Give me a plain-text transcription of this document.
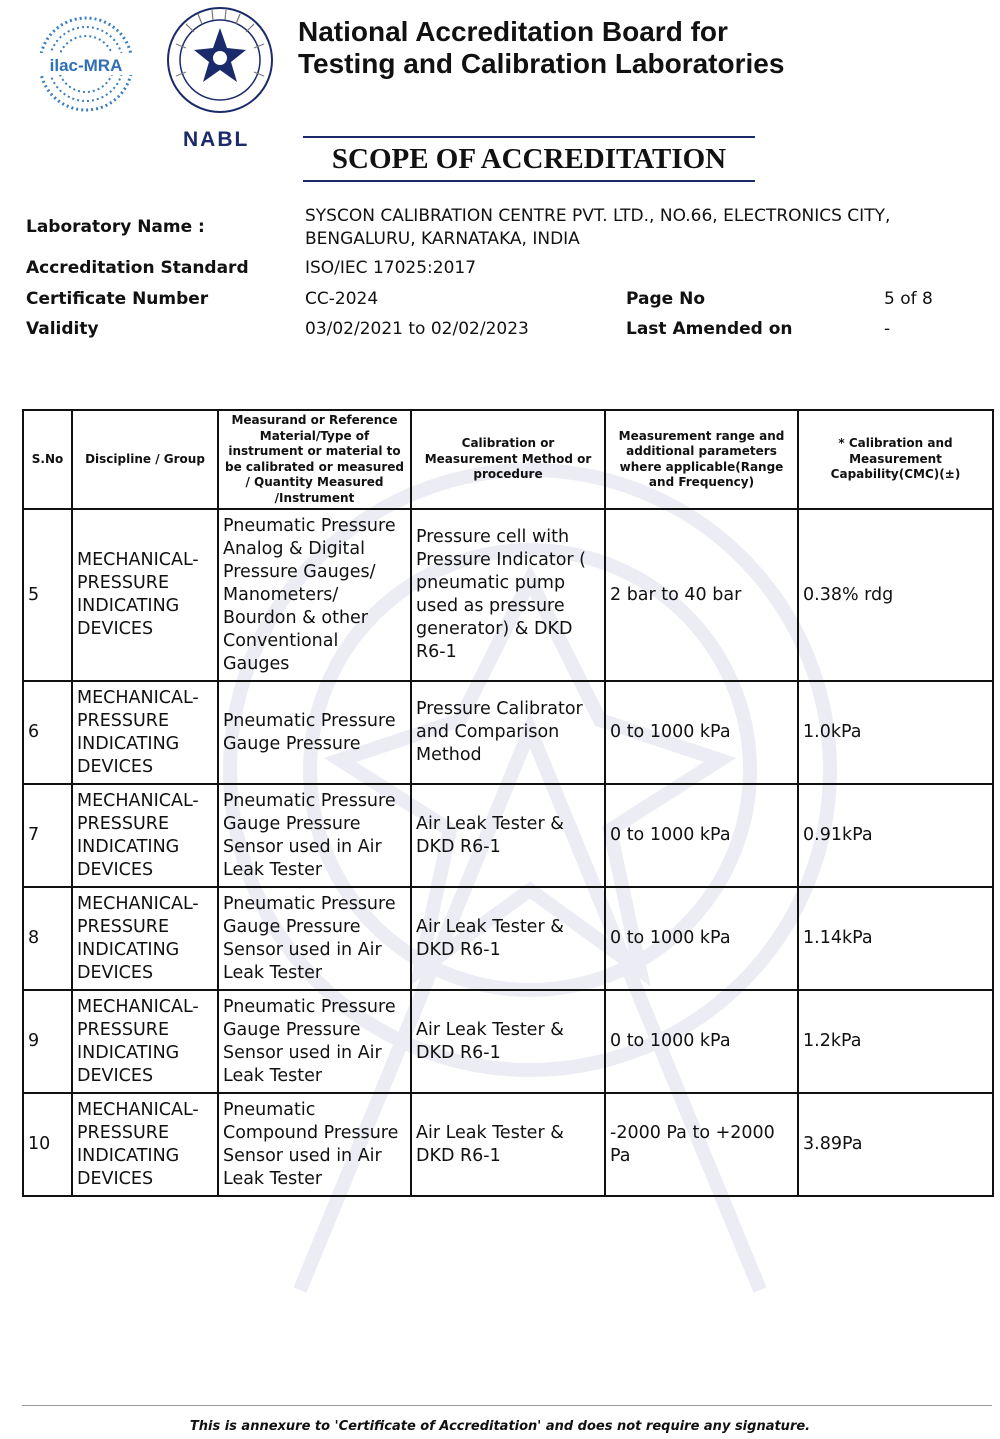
ilac-MRA
NABL
National Accreditation Board for
Testing and Calibration Laboratories
SCOPE OF ACCREDITATION
Laboratory Name :
SYSCON CALIBRATION CENTRE PVT. LTD., NO.66, ELECTRONICS CITY,
BENGALURU, KARNATAKA, INDIA
Accreditation Standard	ISO/IEC 17025:2017
Certificate Number	CC-2024	Page No	5 of 8
Validity	03/02/2021 to 02/02/2023	Last Amended on	-
S.No	Discipline / Group	Measurand or Reference Material/Type of instrument or material to be calibrated or measured / Quantity Measured /Instrument	Calibration or Measurement Method or procedure	Measurement range and additional parameters where applicable(Range and Frequency)	* Calibration and Measurement Capability(CMC)(±)
5	MECHANICAL- PRESSURE INDICATING DEVICES	Pneumatic Pressure Analog & Digital Pressure Gauges/ Manometers/ Bourdon & other Conventional Gauges	Pressure cell with Pressure Indicator ( pneumatic pump used as pressure generator) & DKD R6-1	2 bar to 40 bar	0.38% rdg
6	MECHANICAL- PRESSURE INDICATING DEVICES	Pneumatic Pressure Gauge Pressure	Pressure Calibrator and Comparison Method	0 to 1000 kPa	1.0kPa
7	MECHANICAL- PRESSURE INDICATING DEVICES	Pneumatic Pressure Gauge Pressure Sensor used in Air Leak Tester	Air Leak Tester & DKD R6-1	0 to 1000 kPa	0.91kPa
8	MECHANICAL- PRESSURE INDICATING DEVICES	Pneumatic Pressure Gauge Pressure Sensor used in Air Leak Tester	Air Leak Tester & DKD R6-1	0 to 1000 kPa	1.14kPa
9	MECHANICAL- PRESSURE INDICATING DEVICES	Pneumatic Pressure Gauge Pressure Sensor used in Air Leak Tester	Air Leak Tester & DKD R6-1	0 to 1000 kPa	1.2kPa
10	MECHANICAL- PRESSURE INDICATING DEVICES	Pneumatic Compound Pressure Sensor used in Air Leak Tester	Air Leak Tester & DKD R6-1	-2000 Pa to +2000 Pa	3.89Pa
This is annexure to 'Certificate of Accreditation' and does not require any signature.
